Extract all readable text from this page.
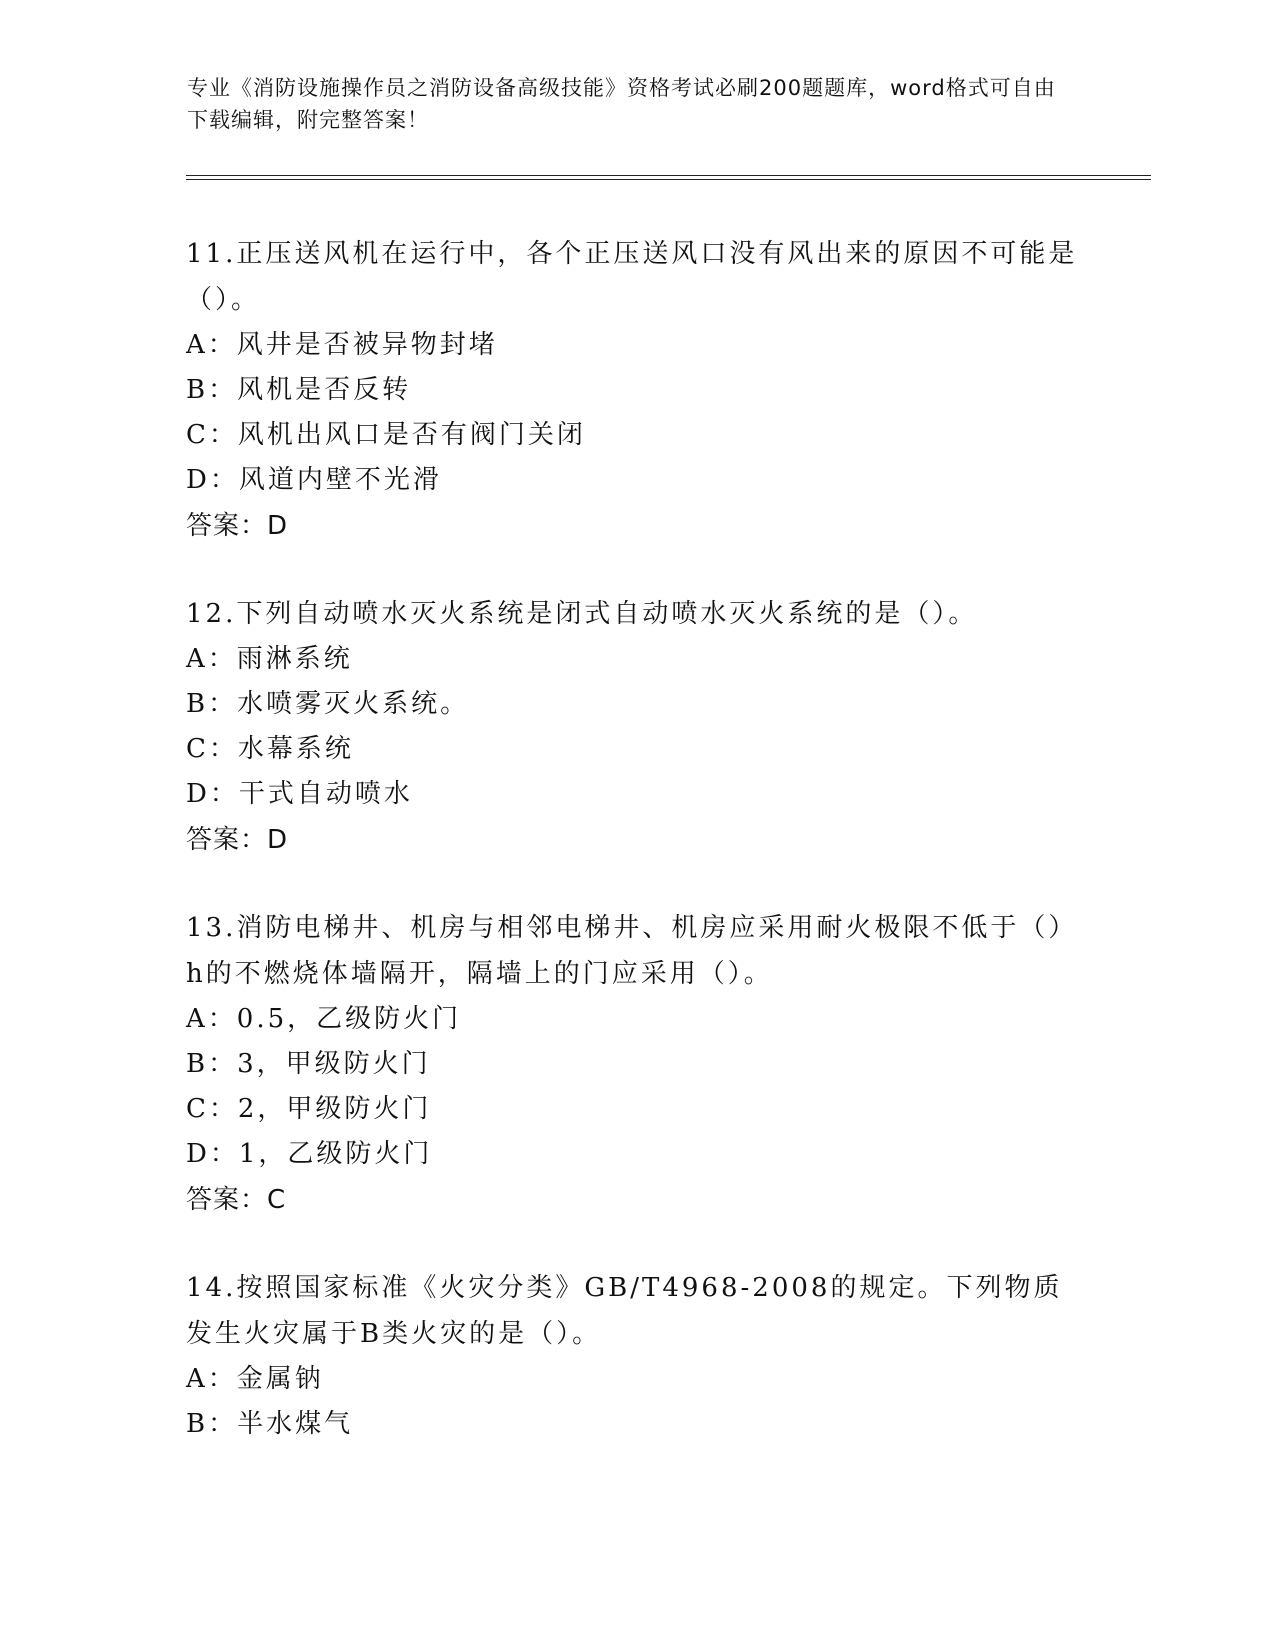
专业《消防设施操作员之消防设备高级技能》资格考试必刷200题题库，word格式可自由下载编辑，附完整答案！
11.正压送风机在运行中，各个正压送风口没有风出来的原因不可能是（）。
A：风井是否被异物封堵
B：风机是否反转
C：风机出风口是否有阀门关闭
D：风道内壁不光滑
答案：D
12.下列自动喷水灭火系统是闭式自动喷水灭火系统的是（）。
A：雨淋系统
B：水喷雾灭火系统。
C：水幕系统
D：干式自动喷水
答案：D
13.消防电梯井、机房与相邻电梯井、机房应采用耐火极限不低于（）h的不燃烧体墙隔开，隔墙上的门应采用（）。
A：0.5，乙级防火门
B：3，甲级防火门
C：2，甲级防火门
D：1，乙级防火门
答案：C
14.按照国家标准《火灾分类》GB/T4968-2008的规定。下列物质发生火灾属于B类火灾的是（）。
A：金属钠
B：半水煤气
